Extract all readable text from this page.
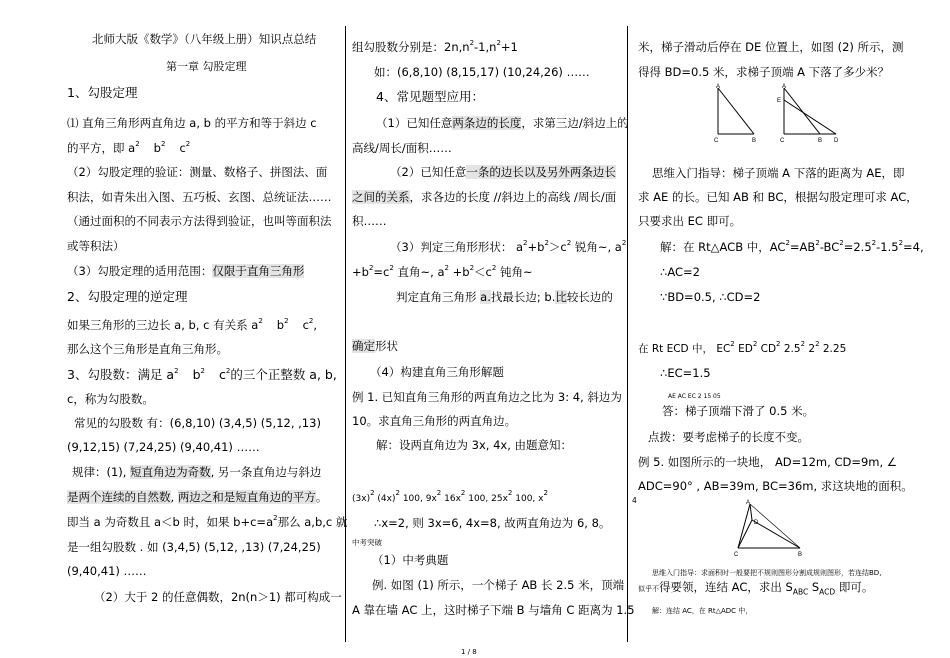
北师大版《数学》（八年级上册）知识点总结
第一章 勾股定理
1、勾股定理
⑴ 直角三角形两直角边 a, b 的平方和等于斜边 c
的平方，即 $a^2$ $b^2$ $c^2$
（2）勾股定理的验证：测量、数格子、拼图法、面
积法，如青朱出入图、五巧板、玄图、总统证法……
（通过面积的不同表示方法得到验证，也叫等面积法
或等积法）
（3）勾股定理的适用范围：仅限于直角三角形
2、勾股定理的逆定理
如果三角形的三边长 a, b, c 有关系 $a^2$ $b^2$ $c^2$,
那么这个三角形是直角三角形。
3、勾股数：满足 $a^2$ $b^2$ $c^2$的三个正整数 a, b,
c，称为勾股数。
常见的勾股数 有：(6,8,10) (3,4,5) (5,12, ,13)
(9,12,15) (7,24,25) (9,40,41) ……
规律：(1), 短直角边为奇数, 另一条直角边与斜边
是两个连续的自然数, 两边之和是短直角边的平方。
即当 a 为奇数且 a＜b 时，如果 $b+c=a^2$那么 a,b,c 就
是一组勾股数 . 如 (3,4,5) (5,12, ,13) (7,24,25)
(9,40,41) ……
（2）大于 2 的任意偶数，2n(n＞1) 都可构成一
组勾股数分别是：$2n,n^2-1,n^2+1$
如：(6,8,10) (8,15,17) (10,24,26) ……
4、常见题型应用：
（1）已知任意两条边的长度，求第三边/斜边上的
高线/周长/面积……
（2）已知任意一条的边长以及另外两条边长
之间的关系，求各边的长度 //斜边上的高线 /周长/面
积……
（3）判定三角形形状： $a^2+b^2>c^2$ 锐角~, $a^2$
$+b^2=c^2$ 直角~, $a^2 +b^2<c^2$ 钝角~
判定直角三角形 a.找最长边; b.比较长边的
确定形状
（4）构建直角三角形解题
例 1. 已知直角三角形的两直角边之比为 3: 4, 斜边为
10。求直角三角形的两直角边。
解：设两直角边为 3x, 4x, 由题意知：
$(3x)^2$ $(4x)^2$ 100, $9x^2$ $16x^2$ 100, $25x^2$ 100, $x^2$
∴x=2, 则 3x=6, 4x=8, 故两直角边为 6, 8。
中考突破
（1）中考典题
例. 如图 (1) 所示，一个梯子 AB 长 2.5 米，顶端
A 靠在墙 AC 上，这时梯子下端 B 与墙角 C 距离为 1.5
米，梯子滑动后停在 DE 位置上，如图 (2) 所示，测
得得 BD=0.5 米，求梯子顶端 A 下落了多少米？
A
C	B
A
E
C	B D
思维入门指导：梯子顶端 A 下落的距离为 AE，即
求 AE 的长。已知 AB 和 BC，根据勾股定理可求 AC，
只要求出 EC 即可。
解：在 Rt△ACB 中，$AC^2=AB^2-BC^2=2.5^2-1.5^2=4$,
∴AC=2
∵BD=0.5, ∴CD=2
在 Rt ECD 中， $EC^2$ $ED^2$ $CD^2$ $2.5^2$ $2^2$ 2.25
∴EC=1.5
AE AC EC 2 15 05
答：梯子顶端下滑了 0.5 米。
点拨：要考虑梯子的长度不变。
例 5. 如图所示的一块地， AD=12m, CD=9m, ∠
ADC=90° , AB=39m, BC=36m, 求这块地的面积。
4	A
D
C	B
思维入门指导：求面积时一般要把不规则图形分割成规则图形，若连结BD,
似乎不得要领，连结 AC，求出 $S_{ABC}$ $S_{ACD}$ 即可。
解：连结 AC，在 Rt△ADC 中，
1 / 8
